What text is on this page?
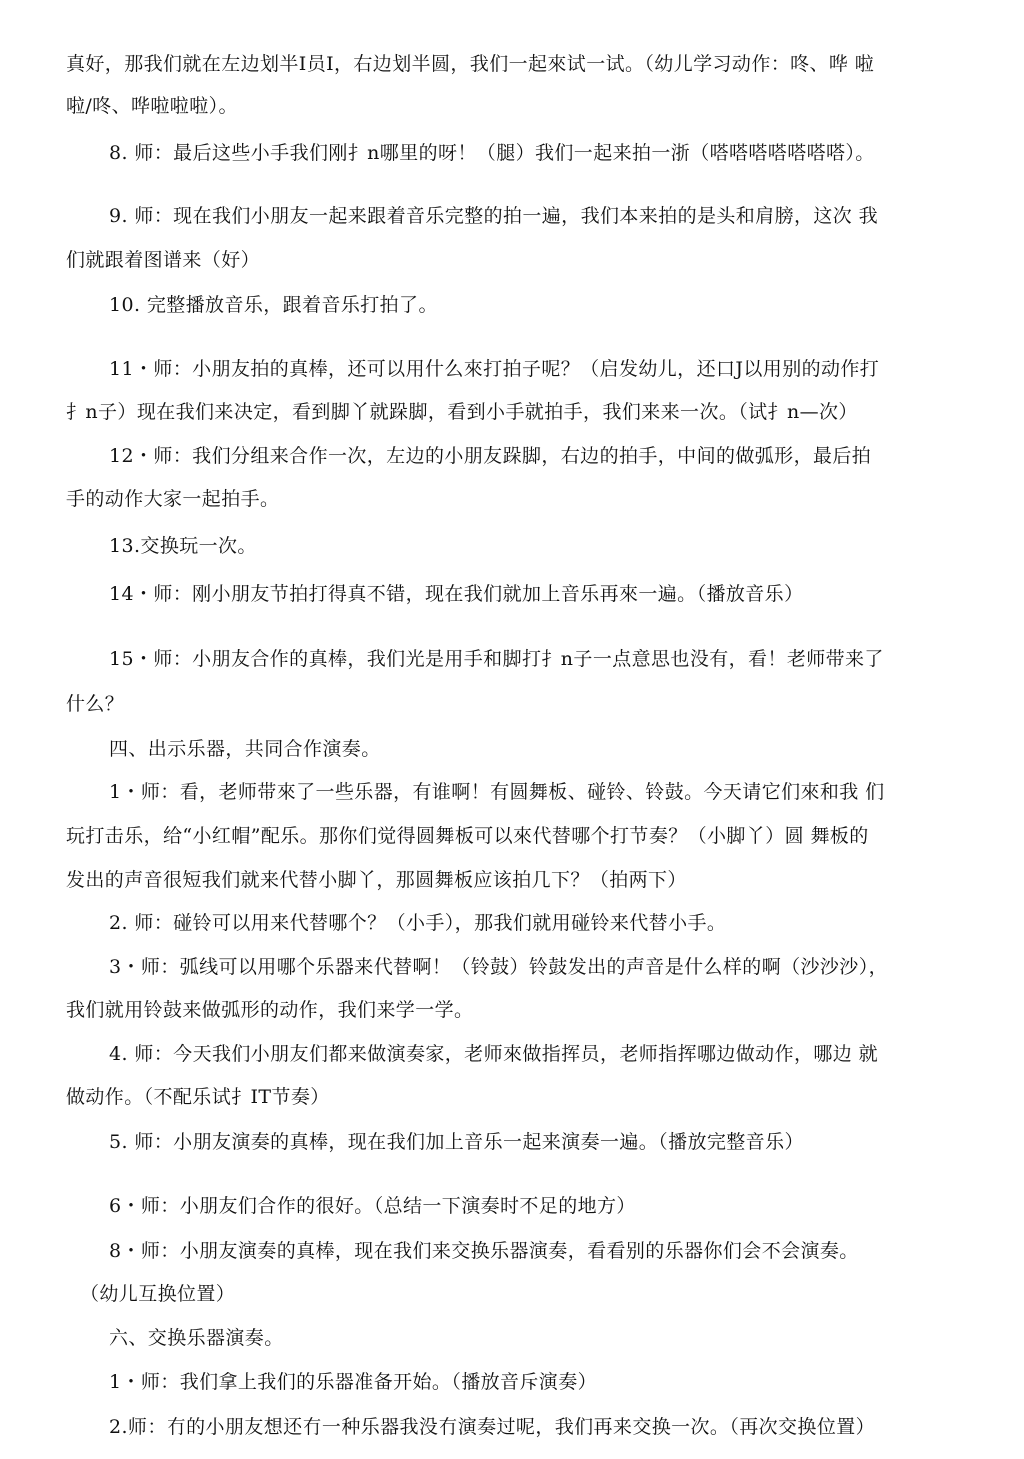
真好，那我们就在左边划半Ⅰ员Ⅰ，右边划半圆，我们一起來试一试。（幼儿学习动作：咚、哗 啦
啦/咚、哗啦啦啦）。
8. 师：最后这些小手我们刚扌n哪里的呀！（腿）我们一起来拍一浙（嗒嗒嗒嗒嗒嗒嗒）。
9. 师：现在我们小朋友一起来跟着音乐完整的拍一遍，我们本来拍的是头和肩膀，这次 我
们就跟着图谱来（好）
10. 完整播放音乐，跟着音乐打拍了。
11・师：小朋友拍的真棒，还可以用什么來打拍子呢？（启发幼儿，还口J以用别的动作打
扌n子）现在我们来决定，看到脚丫就跺脚，看到小手就拍手，我们来来一次。（试扌n—次）
12・师：我们分组来合作一次，左边的小朋友跺脚，右边的拍手，中间的做弧形，最后拍
手的动作大家一起拍手。
13.交换玩一次。
14・师：刚小朋友节拍打得真不错，现在我们就加上音乐再來一遍。（播放音乐）
15・师：小朋友合作的真棒，我们光是用手和脚打扌n子一点意思也没有，看！老师带来了
什么？
四、出示乐器，共同合作演奏。
1・师：看，老师带來了一些乐器，有谁啊！有圆舞板、碰铃、铃鼓。今天请它们來和我 们
玩打击乐，给“小红帽”配乐。那你们觉得圆舞板可以來代替哪个打节奏？（小脚丫）圆 舞板的
发出的声音很短我们就来代替小脚丫，那圆舞板应该拍几下？（拍两下）
2. 师：碰铃可以用来代替哪个？（小手），那我们就用碰铃来代替小手。
3・师：弧线可以用哪个乐器来代替啊！（铃鼓）铃鼓发出的声音是什么样的啊（沙沙沙），
我们就用铃鼓来做弧形的动作，我们来学一学。
4. 师：今天我们小朋友们都来做演奏家，老师來做指挥员，老师指挥哪边做动作，哪边 就
做动作。（不配乐试扌IT节奏）
5. 师：小朋友演奏的真棒，现在我们加上音乐一起来演奏一遍。（播放完整音乐）
6・师：小朋友们合作的很好。（总结一下演奏时不足的地方）
8・师：小朋友演奏的真棒，现在我们来交换乐器演奏，看看别的乐器你们会不会演奏。
（幼儿互换位置）
六、交换乐器演奏。
1・师：我们拿上我们的乐器准备开始。（播放音斥演奏）
2.师：冇的小朋友想还冇一种乐器我没冇演奏过呢，我们再来交换一次。（再次交换位置）
